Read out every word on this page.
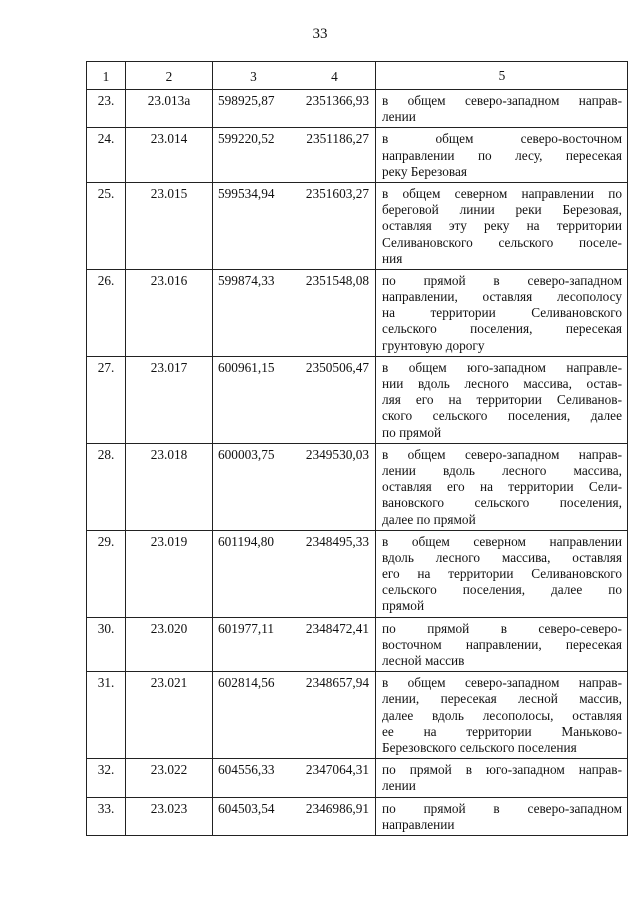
33
1	2	3 4	5
23.	23.013а	598925,87 2351366,93	в общем северо-западном направ-
лении

24.	23.014	599220,52 2351186,27	в общем северо-восточном
направлении по лесу, пересекая
реку Березовая

25.	23.015	599534,94 2351603,27	в общем северном направлении по
береговой линии реки Березовая,
оставляя эту реку на территории
Селивановского сельского поселе-
ния

26.	23.016	599874,33 2351548,08	по прямой в северо-западном
направлении, оставляя лесополосу
на территории Селивановского
сельского поселения, пересекая
грунтовую дорогу

27.	23.017	600961,15 2350506,47	в общем юго-западном направле-
нии вдоль лесного массива, остав-
ляя его на территории Селиванов-
ского сельского поселения, далее
по прямой

28.	23.018	600003,75 2349530,03	в общем северо-западном направ-
лении вдоль лесного массива,
оставляя его на территории Сели-
вановского сельского поселения,
далее по прямой

29.	23.019	601194,80 2348495,33	в общем северном направлении
вдоль лесного массива, оставляя
его на территории Селивановского
сельского поселения, далее по
прямой

30.	23.020	601977,11 2348472,41	по прямой в северо-северо-
восточном направлении, пересекая
лесной массив

31.	23.021	602814,56 2348657,94	в общем северо-западном направ-
лении, пересекая лесной массив,
далее вдоль лесополосы, оставляя
ее на территории Маньково-
Березовского сельского поселения

32.	23.022	604556,33 2347064,31	по прямой в юго-западном направ-
лении

33.	23.023	604503,54 2346986,91	по прямой в северо-западном
направлении
